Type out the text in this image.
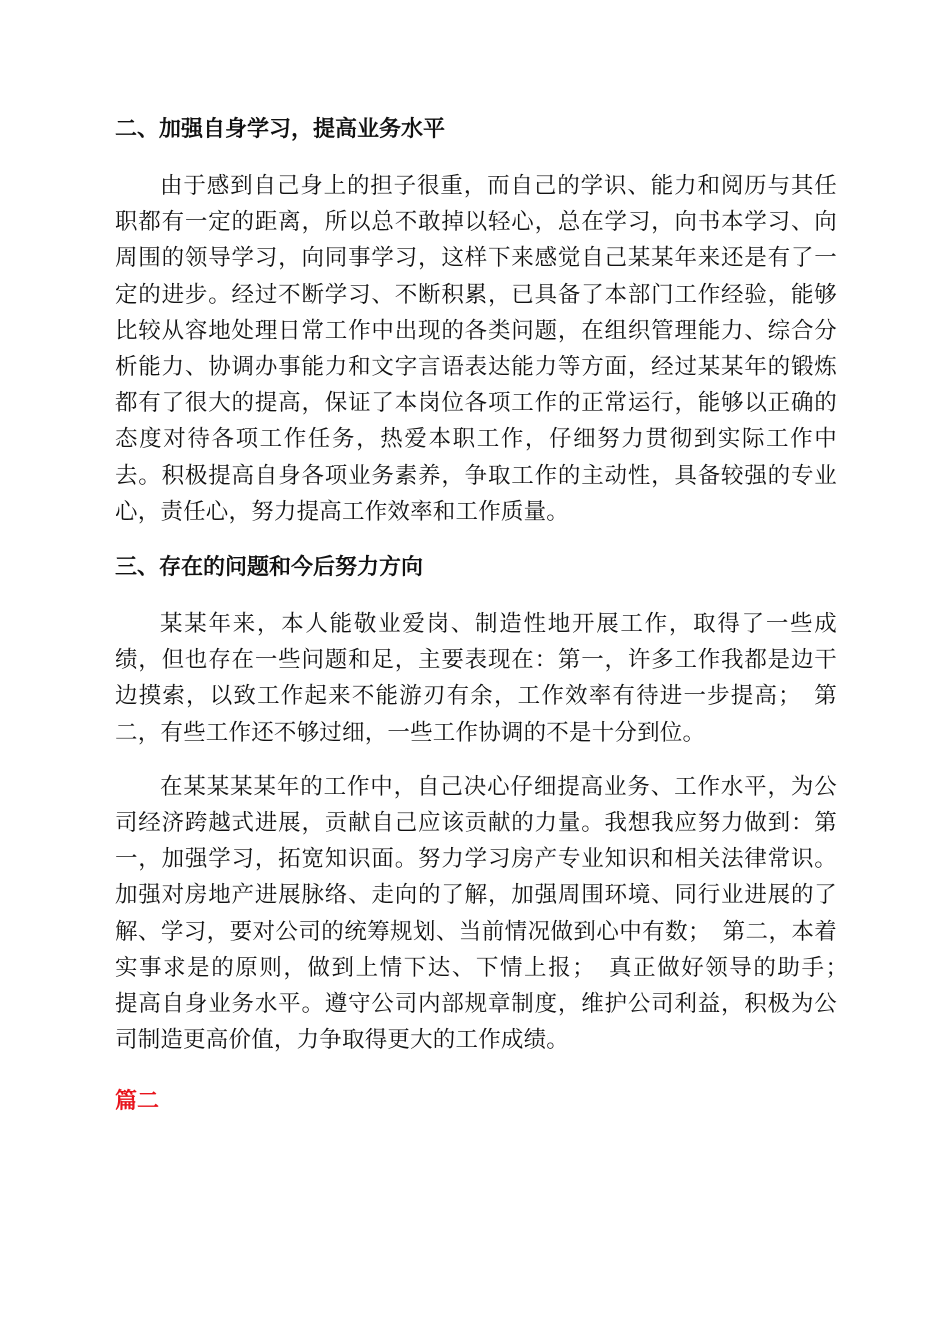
二、加强自身学习，提高业务水平

由于感到自己身上的担子很重，而自己的学识、能力和阅历与其任职都有一定的距离，所以总不敢掉以轻心，总在学习，向书本学习、向周围的领导学习，向同事学习，这样下来感觉自己某某年来还是有了一定的进步。经过不断学习、不断积累，已具备了本部门工作经验，能够比较从容地处理日常工作中出现的各类问题，在组织管理能力、综合分析能力、协调办事能力和文字言语表达能力等方面，经过某某年的锻炼都有了很大的提高，保证了本岗位各项工作的正常运行，能够以正确的态度对待各项工作任务，热爱本职工作，仔细努力贯彻到实际工作中去。积极提高自身各项业务素养，争取工作的主动性，具备较强的专业心，责任心，努力提高工作效率和工作质量。

三、存在的问题和今后努力方向

某某年来，本人能敬业爱岗、制造性地开展工作，取得了一些成绩，但也存在一些问题和足，主要表现在：第一，许多工作我都是边干边摸索，以致工作起来不能游刃有余，工作效率有待进一步提高；　第二，有些工作还不够过细，一些工作协调的不是十分到位。

在某某某某年的工作中，自己决心仔细提高业务、工作水平，为公司经济跨越式进展，贡献自己应该贡献的力量。我想我应努力做到：第一，加强学习，拓宽知识面。努力学习房产专业知识和相关法律常识。加强对房地产进展脉络、走向的了解，加强周围环境、同行业进展的了解、学习，要对公司的统筹规划、当前情况做到心中有数；　第二，本着实事求是的原则，做到上情下达、下情上报；　真正做好领导的助手；　提高自身业务水平。遵守公司内部规章制度，维护公司利益，积极为公司制造更高价值，力争取得更大的工作成绩。

篇二
